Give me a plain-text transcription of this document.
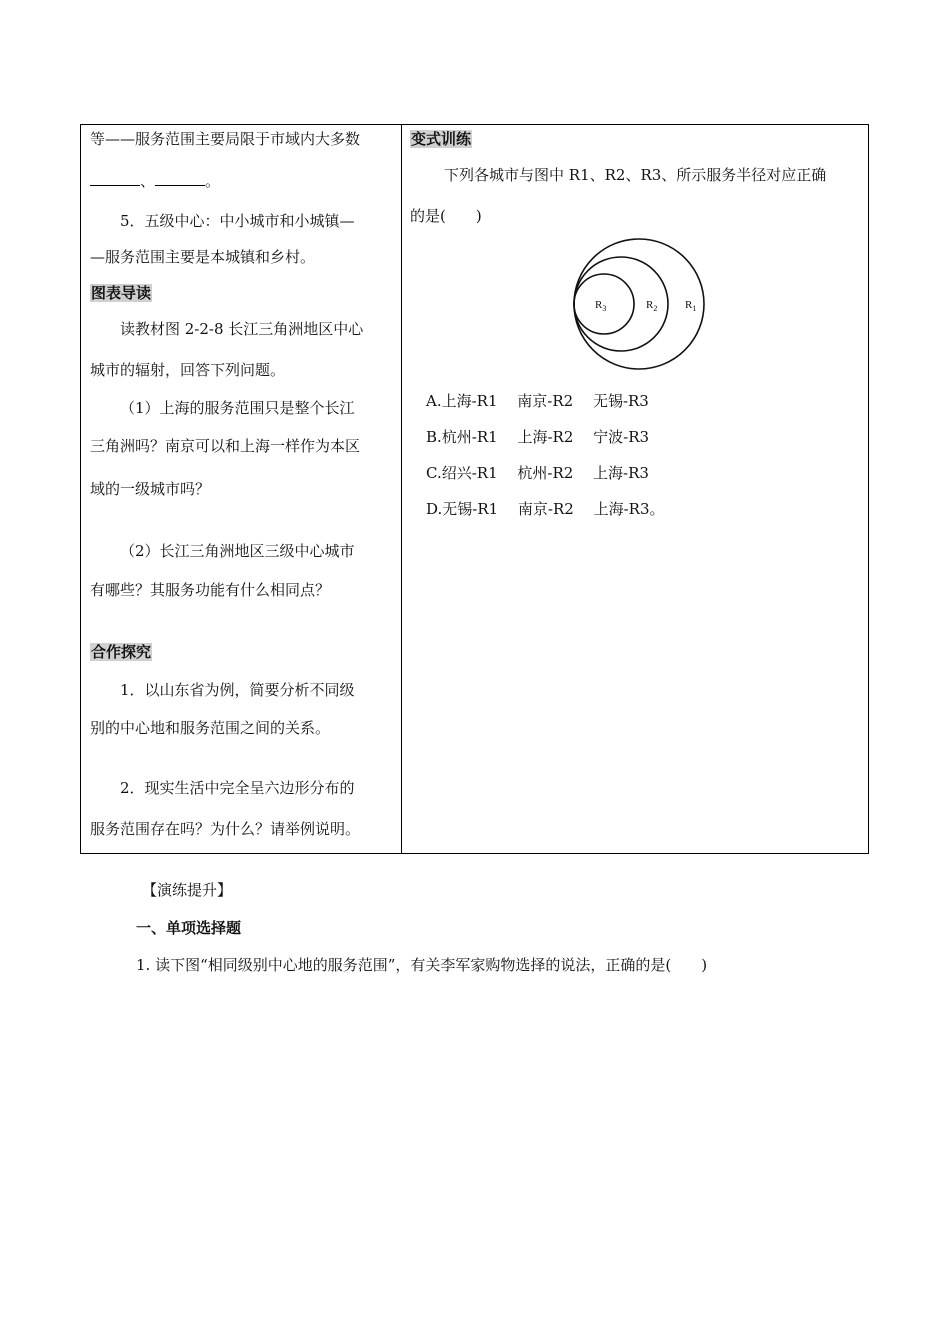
等——服务范围主要局限于市域内大多数
、	。
5．五级中心：中小城市和小城镇—
—服务范围主要是本城镇和乡村。
图表导读
读教材图 2-2-8 长江三角洲地区中心
城市的辐射，回答下列问题。
（1）上海的服务范围只是整个长江
三角洲吗？南京可以和上海一样作为本区
域的一级城市吗？
（2）长江三角洲地区三级中心城市
有哪些？其服务功能有什么相同点？
合作探究
1．以山东省为例，简要分析不同级
别的中心地和服务范围之间的关系。
2．现实生活中完全呈六边形分布的
服务范围存在吗？为什么？请举例说明。
变式训练
下列各城市与图中 R1、R2、R3、所示服务半径对应正确
的是(　　)
$R_3$	$R_2$	$R_1$
A.上海-R1　 南京-R2　 无锡-R3
B.杭州-R1　 上海-R2　 宁波-R3
C.绍兴-R1　 杭州-R2　 上海-R3
D.无锡-R1　 南京-R2　 上海-R3。
【演练提升】
一、单项选择题
1. 读下图“相同级别中心地的服务范围”，有关李军家购物选择的说法，正确的是(　　)
